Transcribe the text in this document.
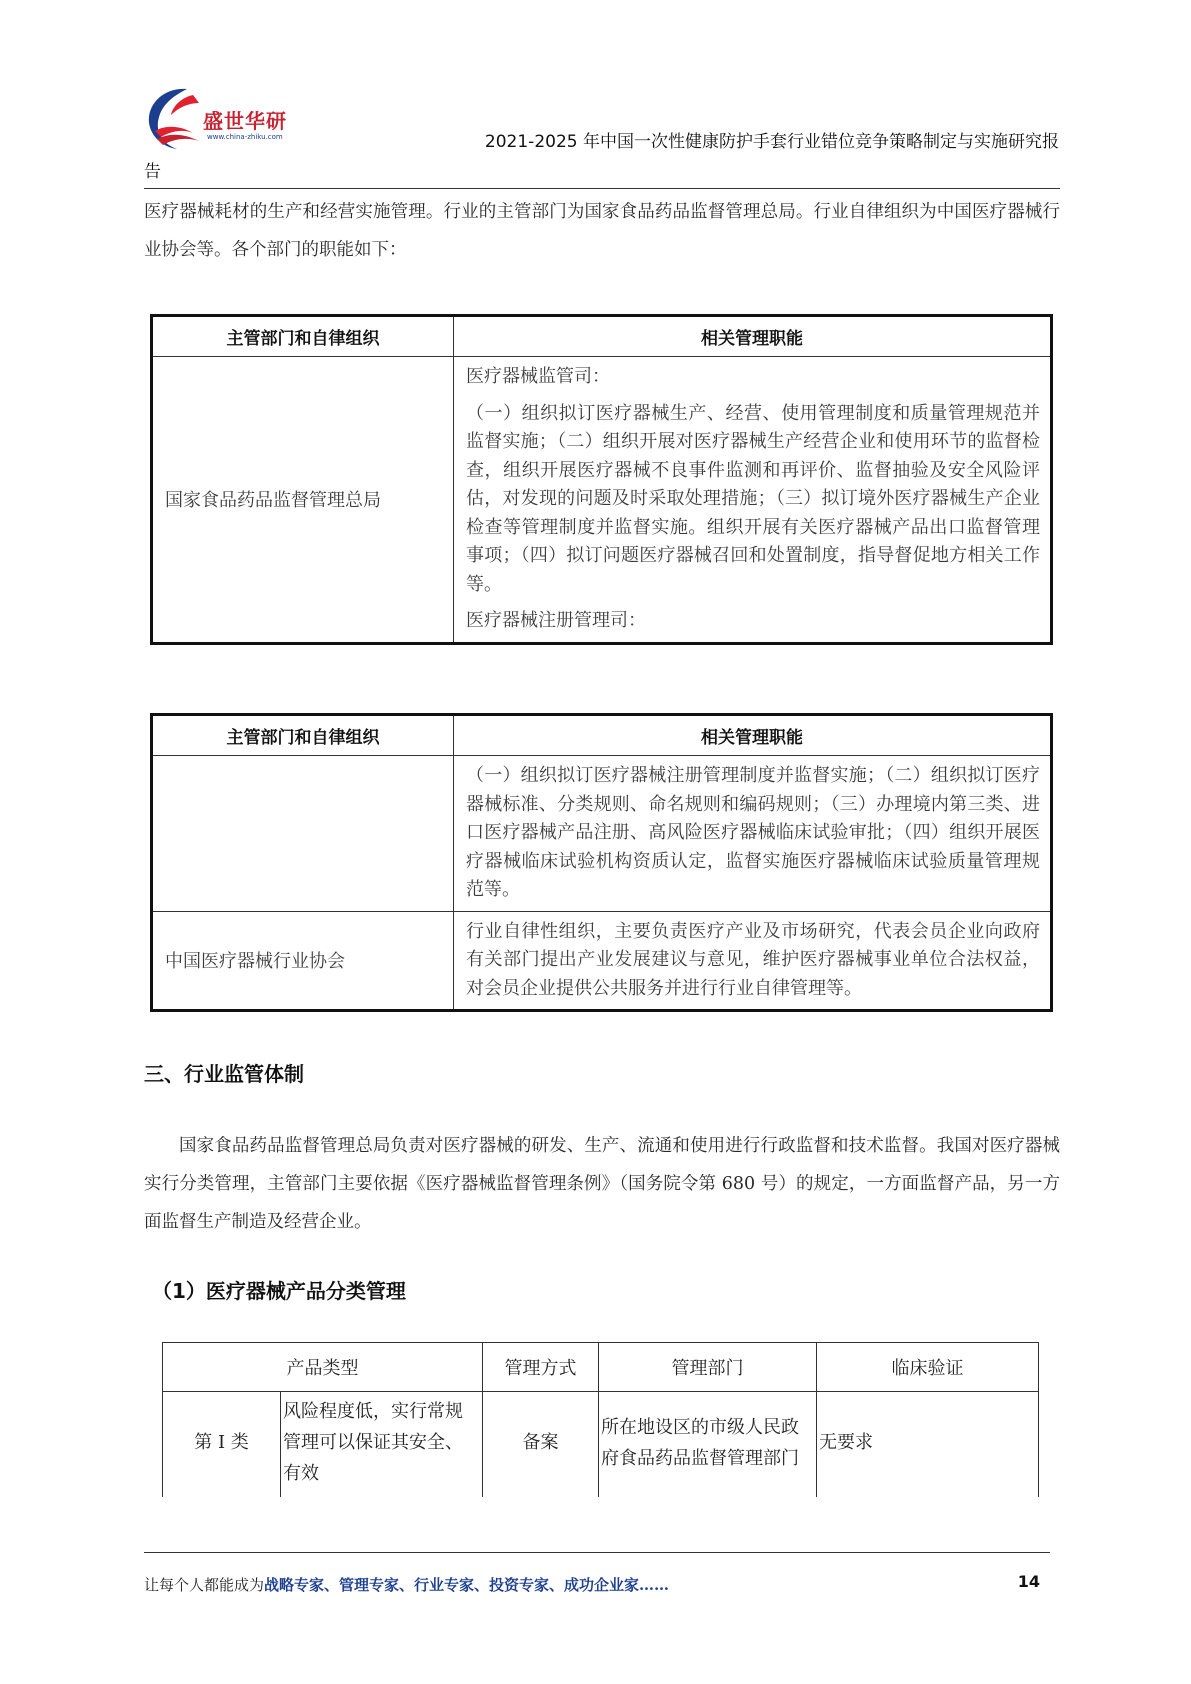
盛世华研
www.china-zhiku.com	2021-2025 年中国一次性健康防护手套行业错位竞争策略制定与实施研究报
告
医疗器械耗材的生产和经营实施管理。行业的主管部门为国家食品药品监督管理总局。行业自律组织为中国医疗器械行业协会等。各个部门的职能如下：
主管部门和自律组织	相关管理职能
国家食品药品监督管理总局	医疗器械监管司：

（一）组织拟订医疗器械生产、经营、使用管理制度和质量管理规范并监督实施；（二）组织开展对医疗器械生产经营企业和使用环节的监督检查，组织开展医疗器械不良事件监测和再评价、监督抽验及安全风险评估，对发现的问题及时采取处理措施；（三）拟订境外医疗器械生产企业检查等管理制度并监督实施。组织开展有关医疗器械产品出口监督管理事项；（四）拟订问题医疗器械召回和处置制度，指导督促地方相关工作等。

医疗器械注册管理司：

主管部门和自律组织	相关管理职能

	（一）组织拟订医疗器械注册管理制度并监督实施；（二）组织拟订医疗器械标准、分类规则、命名规则和编码规则；（三）办理境内第三类、进口医疗器械产品注册、高风险医疗器械临床试验审批；（四）组织开展医疗器械临床试验机构资质认定，监督实施医疗器械临床试验质量管理规范等。

中国医疗器械行业协会	行业自律性组织，主要负责医疗产业及市场研究，代表会员企业向政府有关部门提出产业发展建议与意见，维护医疗器械事业单位合法权益，对会员企业提供公共服务并进行行业自律管理等。

三、行业监管体制
国家食品药品监督管理总局负责对医疗器械的研发、生产、流通和使用进行行政监督和技术监督。我国对医疗器械实行分类管理，主管部门主要依据《医疗器械监督管理条例》（国务院令第 680 号）的规定，一方面监督产品，另一方面监督生产制造及经营企业。
（1）医疗器械产品分类管理
产品类型		管理方式	管理部门	临床验证
第 I 类	风险程度低，实行常规管理可以保证其安全、有效	备案	所在地设区的市级人民政府食品药品监督管理部门	无要求
让每个人都能成为战略专家、管理专家、行业专家、投资专家、成功企业家……	14
